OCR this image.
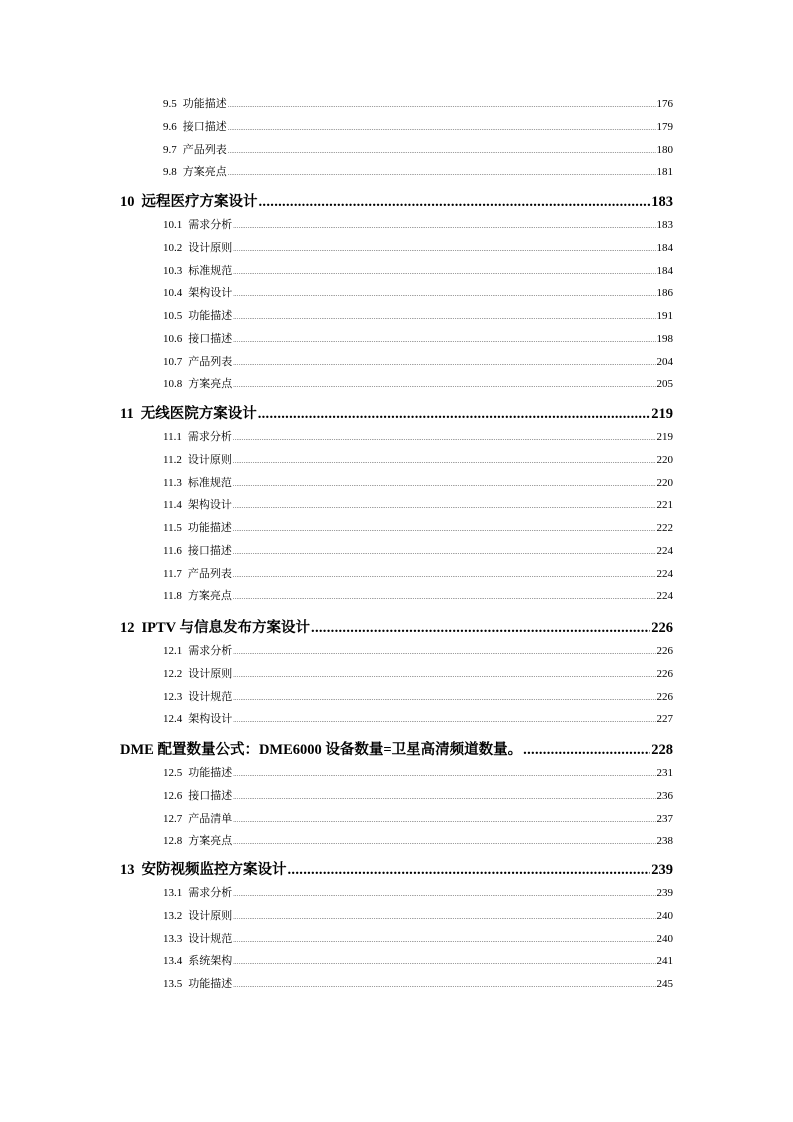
9.5 功能描述 .....	176
9.6 接口描述 .....	179
9.7 产品列表 .....	180
9.8 方案亮点 .....	181
10 远程医疗方案设计 .....	183
10.1 需求分析 .....	183
10.2 设计原则 .....	184
10.3 标准规范 .....	184
10.4 架构设计 .....	186
10.5 功能描述 .....	191
10.6 接口描述 .....	198
10.7 产品列表 .....	204
10.8 方案亮点 .....	205
11 无线医院方案设计 .....	219
11.1 需求分析 .....	219
11.2 设计原则 .....	220
11.3 标准规范 .....	220
11.4 架构设计 .....	221
11.5 功能描述 .....	222
11.6 接口描述 .....	224
11.7 产品列表 .....	224
11.8 方案亮点 .....	224
12 IPTV 与信息发布方案设计 .....	226
12.1 需求分析 .....	226
12.2 设计原则 .....	226
12.3 设计规范 .....	226
12.4 架构设计 .....	227
DME 配置数量公式：DME6000 设备数量=卫星高清频道数量。 .....	228
12.5 功能描述 .....	231
12.6 接口描述 .....	236
12.7 产品清单 .....	237
12.8 方案亮点 .....	238
13 安防视频监控方案设计 .....	239
13.1 需求分析 .....	239
13.2 设计原则 .....	240
13.3 设计规范 .....	240
13.4 系统架构 .....	241
13.5 功能描述 .....	245
